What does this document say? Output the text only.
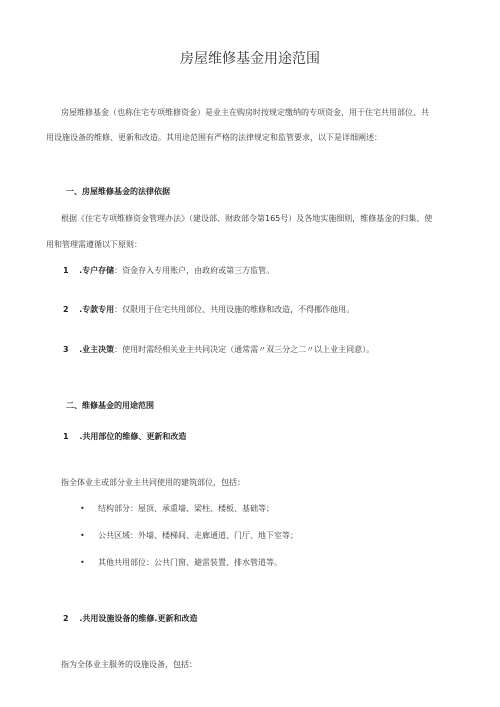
房屋维修基金用途范围
房屋维修基金（也称住宅专项维修资金）是业主在购房时按规定缴纳的专项资金，用于住宅共用部位、共
用设施设备的维修、更新和改造。其用途范围有严格的法律规定和监管要求，以下是详细阐述：
一、房屋维修基金的法律依据
根据《住宅专项维修资金管理办法》（建设部、财政部令第165号）及各地实施细则，维修基金的归集、使
用和管理需遵循以下原则：
1 .专户存储：资金存入专用账户，由政府或第三方监管。
2 .专款专用：仅限用于住宅共用部位、共用设施的维修和改造，不得挪作他用。
3 .业主决策：使用时需经相关业主共同决定（通常需〃双三分之二〃以上业主同意）。
二、维修基金的用途范围
1 .共用部位的维修、更新和改造
指全体业主或部分业主共同使用的建筑部位，包括：
• 结构部分：屋顶、承重墙、梁柱、楼板、基础等；
• 公共区域：外墙、楼梯间、走廊通道、门厅、地下室等；
• 其他共用部位：公共门窗、避雷装置、排水管道等。
2 .共用设施设备的维修.更新和改造
指为全体业主服务的设施设备，包括：
